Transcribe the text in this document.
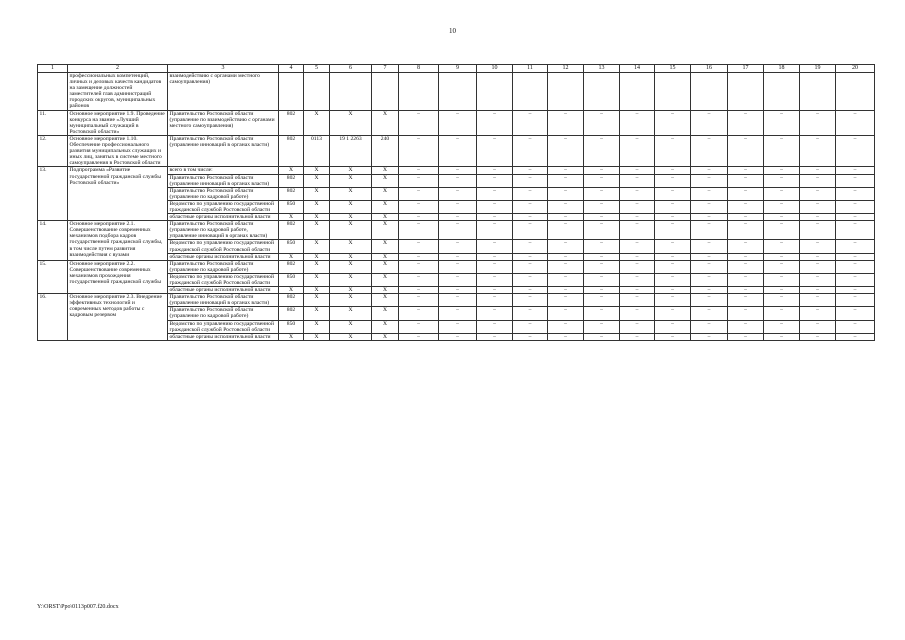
10
1	2	3	4	5	6	7	8	9	10	11	12	13	14	15	16	17	18	19	20
	профессиональных компетенций, личных и деловых качеств кандидатов на замещение должностей заместителей глав администраций городских округов, муниципальных районов	взаимодействию с органами местного самоуправления)																	
11.	Основное мероприятие 1.9. Проведение конкурса на звание «Лучший муниципальный служащий в Ростовской области»	Правительство Ростовской области (управление по взаимодействию с органами местного самоуправления)	802	Х	Х	Х	–	–	–	–	–	–	–	–	–	–	–	–	–
12.	Основное мероприятие 1.10. Обеспечение профессионального развития муниципальных служащих и иных лиц, занятых в системе местного самоуправления в Ростовской области	Правительство Ростовской области (управление инноваций в органах власти)	802	0113	19 1 2263	240	–	–	–	–	–	–	–	–	–	–	–	–	–
13.	Подпрограмма «Развитие государственной гражданской службы Ростовской области»	всего в том числе:	Х	Х	Х	Х	–	–	–	–	–	–	–	–	–	–	–	–	–
		Правительство Ростовской области (управление инноваций в органах власти)	802	Х	Х	Х	–	–	–	–	–	–	–	–	–	–	–	–	–
		Правительство Ростовской области (управление по кадровой работе)	802	Х	Х	Х	–	–	–	–	–	–	–	–	–	–	–	–	–
		Ведомство по управлению государственной гражданской службой Ростовской области	850	Х	Х	Х	–	–	–	–	–	–	–	–	–	–	–	–	–
		областные органы исполнительной власти	Х	Х	Х	Х	–	–	–	–	–	–	–	–	–	–	–	–	–
14.	Основное мероприятие 2.1. Совершенствование современных механизмов подбора кадров государственной гражданской службы, в том числе путем развития взаимодействия с вузами	Правительство Ростовской области (управление по кадровой работе, управление инноваций в органах власти)	802	Х	Х	Х	–	–	–	–	–	–	–	–	–	–	–	–	–
		Ведомство по управлению государственной гражданской службой Ростовской области	850	Х	Х	Х	–	–	–	–	–	–	–	–	–	–	–	–	–
		областные органы исполнительной власти	Х	Х	Х	Х	–	–	–	–	–	–	–	–	–	–	–	–	–
15.	Основное мероприятие 2.2. Совершенствование современных механизмов прохождения государственной гражданской службы	Правительство Ростовской области (управление по кадровой работе)	802	Х	Х	Х	–	–	–	–	–	–	–	–	–	–	–	–	–
		Ведомство по управлению государственной гражданской службой Ростовской области	850	Х	Х	Х	–	–	–	–	–	–	–	–	–	–	–	–	–
		областные органы исполнительной власти	Х	Х	Х	Х	–	–	–	–	–	–	–	–	–	–	–	–	–
16.	Основное мероприятие 2.3. Внедрение эффективных технологий и современных методов работы с кадровым резервом	Правительство Ростовской области (управление инноваций в органах власти)	802	Х	Х	Х	–	–	–	–	–	–	–	–	–	–	–	–	–
		Правительство Ростовской области (управление по кадровой работе)	802	Х	Х	Х	–	–	–	–	–	–	–	–	–	–	–	–	–
		Ведомство по управлению государственной гражданской службой Ростовской области	850	Х	Х	Х	–	–	–	–	–	–	–	–	–	–	–	–	–
		областные органы исполнительной власти	Х	Х	Х	Х	–	–	–	–	–	–	–	–	–	–	–	–	–
Y:\ORST\Ppo\0113p007.f20.docx
